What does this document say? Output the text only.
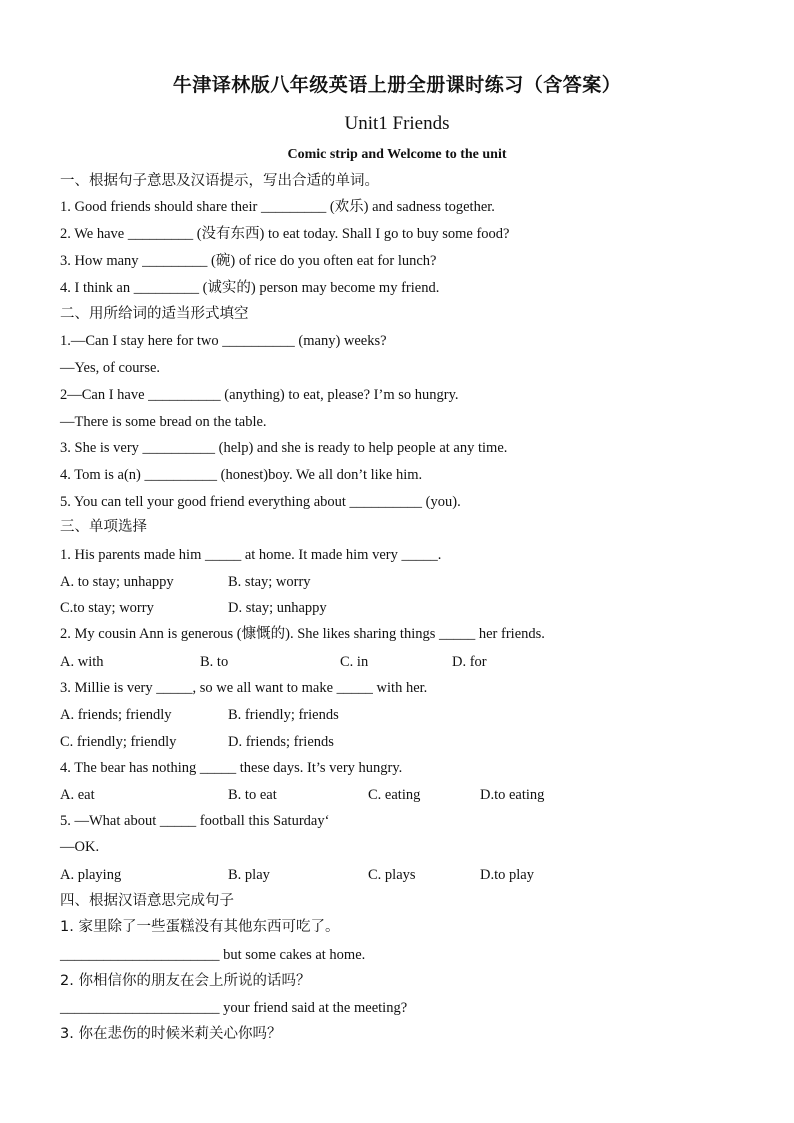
牛津译林版八年级英语上册全册课时练习（含答案）
Unit1 Friends
Comic strip and Welcome to the unit
一、根据句子意思及汉语提示，写出合适的单词。
1. Good friends should share their _________ (欢乐) and sadness together.
2. We have _________ (没有东西) to eat today. Shall I go to buy some food?
3. How many _________ (碗) of rice do you often eat for lunch?
4. I think an _________ (诚实的) person may become my friend.
二、用所给词的适当形式填空
1.—Can I stay here for two __________ (many) weeks?
—Yes, of course.
2—Can I have __________ (anything) to eat, please? I’m so hungry.
—There is some bread on the table.
3. She is very __________ (help) and she is ready to help people at any time.
4. Tom is a(n) __________ (honest)boy. We all don’t like him.
5. You can tell your good friend everything about __________ (you).
三、单项选择
1. His parents made him _____ at home. It made him very _____.
A. to stay; unhappy	B. stay; worry
C.to stay; worry	D. stay; unhappy
2. My cousin Ann is generous (慷慨的). She likes sharing things _____ her friends.
A. with	B. to	C. in	D. for
3. Millie is very _____, so we all want to make _____ with her.
A. friends; friendly	B. friendly; friends
C. friendly; friendly	D. friends; friends
4. The bear has nothing _____ these days. It’s very hungry.
A. eat	B. to eat	C. eating	D.to eating
5. —What about _____ football this Saturday‘
—OK.
A. playing	B. play	C. plays	D.to play
四、根据汉语意思完成句子
1. 家里除了一些蛋糕没有其他东西可吃了。
______________________ but some cakes at home.
2. 你相信你的朋友在会上所说的话吗？
______________________ your friend said at the meeting?
3. 你在悲伤的时候米莉关心你吗？
